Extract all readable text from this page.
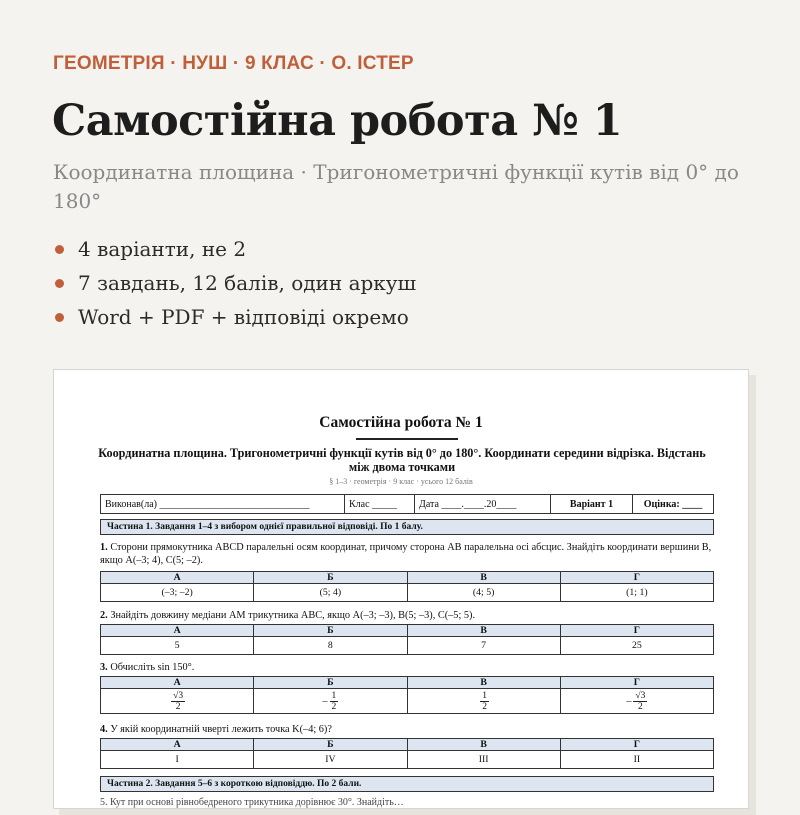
ГЕОМЕТРІЯ · НУШ · 9 КЛАС · О. ІСТЕР
Самостійна робота № 1

Координатна площина · Тригонометричні функції кутів від 0° до 180°

4 варіанти, не 2
7 завдань, 12 балів, один аркуш
Word + PDF + відповіді окремо
Самостійна робота № 1
Координатна площина. Тригонометричні функції кутів від 0° до 180°. Координати середини відрізка. Відстань між двома точками
§ 1–3 · геометрія · 9 клас · усього 12 балів
Виконав(ла) ______________________________	Клас _____	Дата ____.____.20____	Варіант 1	Оцінка: ____
Частина 1. Завдання 1–4 з вибором однієї правильної відповіді. По 1 балу.
1. Сторони прямокутника ABCD паралельні осям координат, причому сторона AB паралельна осі абсцис. Знайдіть координати вершини B, якщо A(–3; 4), C(5; –2).
А	Б	В	Г
(–3; –2)	(5; 4)	(4; 5)	(1; 1)
2. Знайдіть довжину медіани AM трикутника ABC, якщо A(–3; –3), B(5; –3), C(–5; 5).
А	Б	В	Г
5	8	7	25
3. Обчисліть sin 150°.
А	Б	В	Г

$\frac{√3}{2}$	– $\frac{1}{2}$	$\frac{1}{2}$	– $\frac{√3}{2}$
4. У якій координатній чверті лежить точка K(–4; 6)?
А	Б	В	Г
I	IV	III	II
Частина 2. Завдання 5–6 з короткою відповіддю. По 2 бали.
5. Кут при основі рівнобедреного трикутника дорівнює 30°. Знайдіть…
